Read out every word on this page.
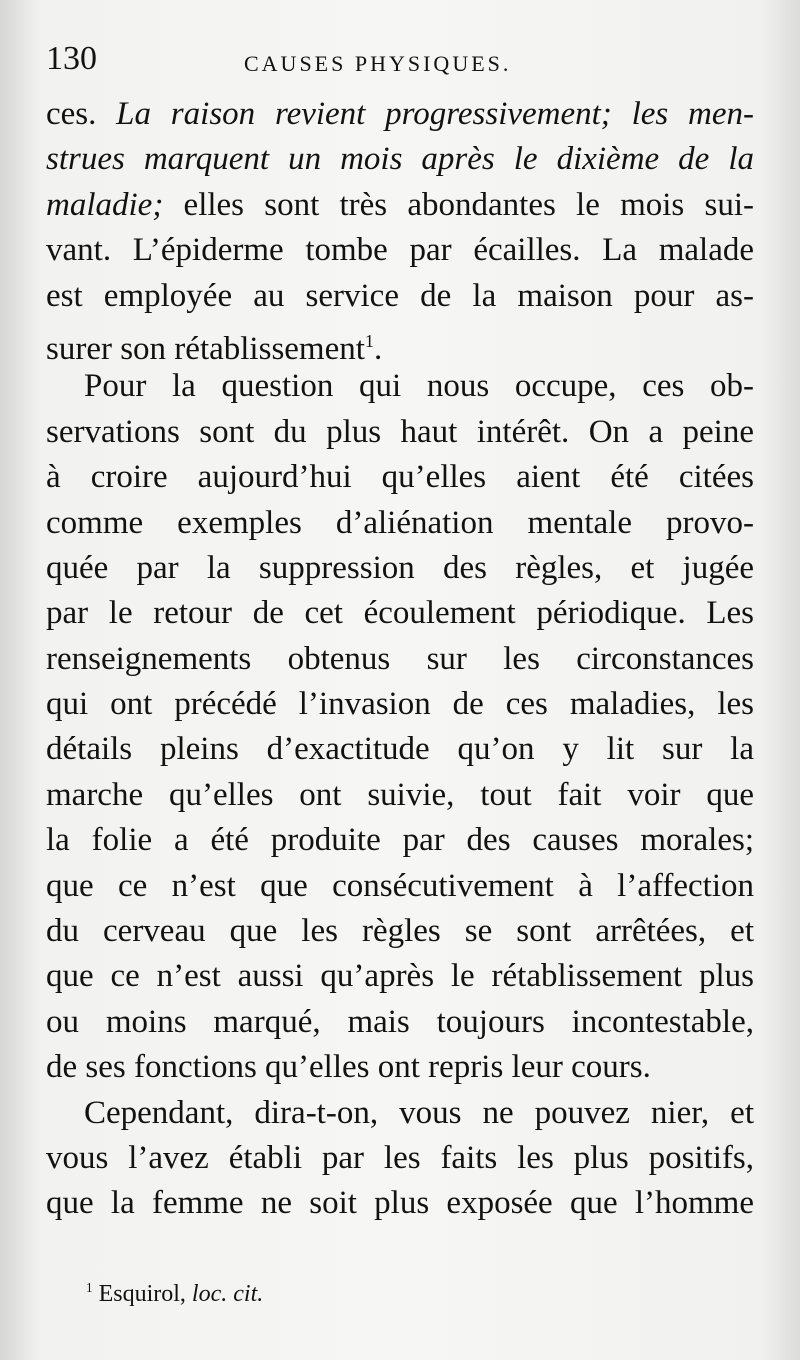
130	CAUSES PHYSIQUES.
ces. La raison revient progressivement; les men-
strues marquent un mois après le dixième de la
maladie; elles sont très abondantes le mois sui-
vant. L’épiderme tombe par écailles. La malade
est employée au service de la maison pour as-
surer son rétablissement$^1$.
Pour la question qui nous occupe, ces ob-
servations sont du plus haut intérêt. On a peine
à croire aujourd’hui qu’elles aient été citées
comme exemples d’aliénation mentale provo-
quée par la suppression des règles, et jugée
par le retour de cet écoulement périodique. Les
renseignements obtenus sur les circonstances
qui ont précédé l’invasion de ces maladies, les
détails pleins d’exactitude qu’on y lit sur la
marche qu’elles ont suivie, tout fait voir que
la folie a été produite par des causes morales;
que ce n’est que consécutivement à l’affection
du cerveau que les règles se sont arrêtées, et
que ce n’est aussi qu’après le rétablissement plus
ou moins marqué, mais toujours incontestable,
de ses fonctions qu’elles ont repris leur cours.
Cependant, dira-t-on, vous ne pouvez nier, et
vous l’avez établi par les faits les plus positifs,
que la femme ne soit plus exposée que l’homme
$^1$ Esquirol, loc. cit.
